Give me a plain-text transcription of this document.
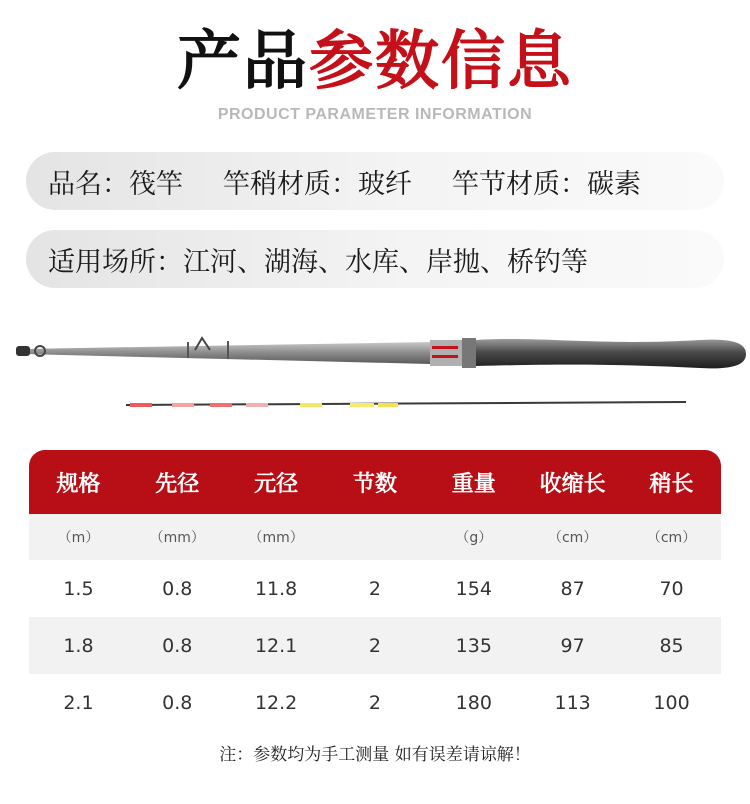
产品参数信息
PRODUCT PARAMETER INFORMATION
品名：筏竿 竿稍材质：玻纤 竿节材质：碳素
适用场所：江河、湖海、水库、岸抛、桥钓等
规格	先径	元径	节数	重量	收缩长	稍长
（m）	（mm）	（mm）		（g）	（cm）	（cm）
1.5	0.8	11.8	2	154	87	70
1.8	0.8	12.1	2	135	97	85
2.1	0.8	12.2	2	180	113	100
注：参数均为手工测量 如有误差请谅解！
